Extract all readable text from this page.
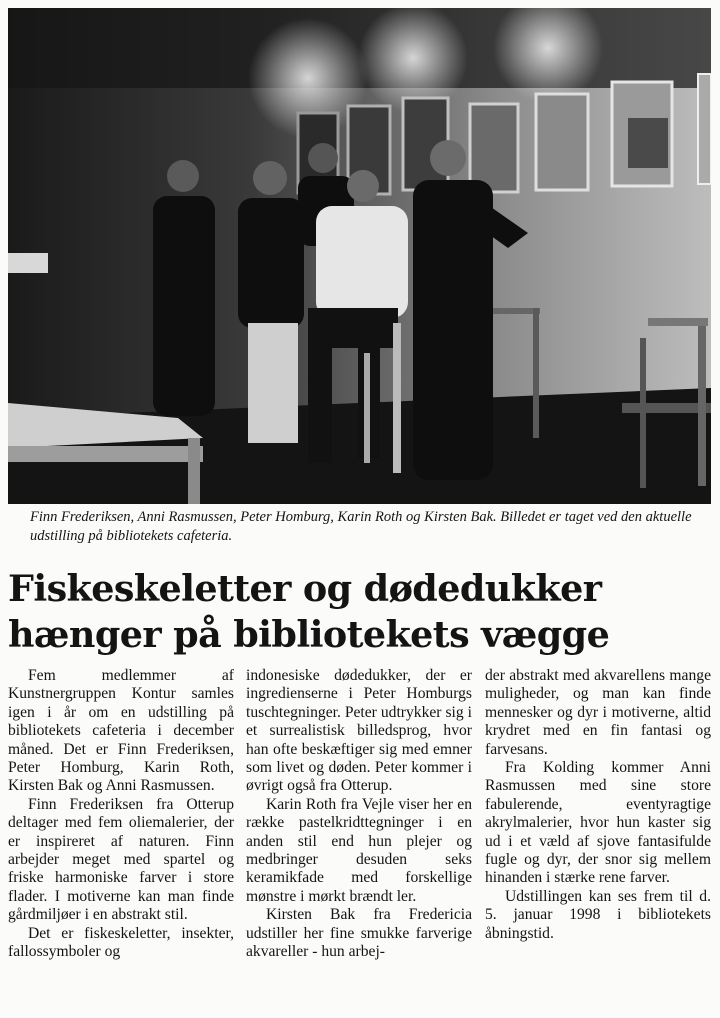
Finn Frederiksen, Anni Rasmussen, Peter Homburg, Karin Roth og Kirsten Bak. Billedet er taget ved den aktuelle udstilling på bibliotekets cafeteria.

Fiskeskeletter og dødedukker
hænger på bibliotekets vægge

Fem medlemmer af Kunstnergruppen Kontur samles igen i år om en udstilling på bibliotekets cafeteria i december måned. Det er Finn Frederiksen, Peter Homburg, Karin Roth, Kirsten Bak og Anni Rasmussen.

Finn Frederiksen fra Otterup deltager med fem oliemalerier, der er inspireret af naturen. Finn arbejder meget med spartel og friske harmoniske farver i store flader. I motiverne kan man finde gårdmiljøer i en abstrakt stil.

Det er fiskeskeletter, insekter, fallossymboler og

indonesiske dødedukker, der er ingredienserne i Peter Homburgs tuschtegninger. Peter udtrykker sig i et surrealistisk billedsprog, hvor han ofte beskæftiger sig med emner som livet og døden. Peter kommer i øvrigt også fra Otterup.

Karin Roth fra Vejle viser her en række pastelkridttegninger i en anden stil end hun plejer og medbringer desuden seks keramikfade med forskellige mønstre i mørkt brændt ler.

Kirsten Bak fra Fredericia udstiller her fine smukke farverige akvareller - hun arbej-

der abstrakt med akvarellens mange muligheder, og man kan finde mennesker og dyr i motiverne, altid krydret med en fin fantasi og farvesans.

Fra Kolding kommer Anni Rasmussen med sine store fabulerende, eventyragtige akrylmalerier, hvor hun kaster sig ud i et væld af sjove fantasifulde fugle og dyr, der snor sig mellem hinanden i stærke rene farver.

Udstillingen kan ses frem til d. 5. januar 1998 i bibliotekets åbningstid.
